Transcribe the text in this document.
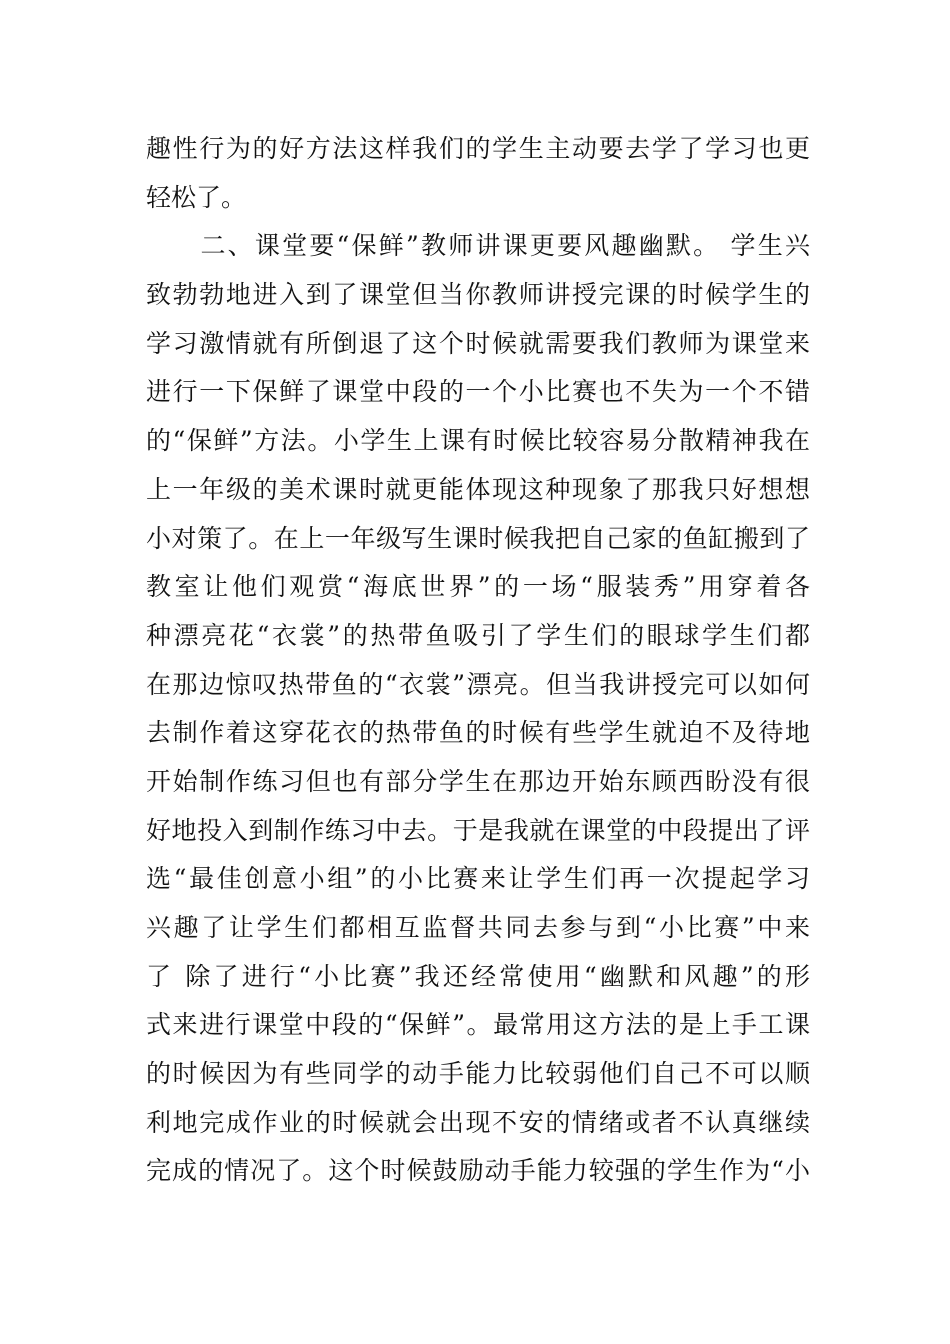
趣性行为的好方法这样我们的学生主动要去学了学习也更
轻松了。
　　二、课堂要“保鲜”教师讲课更要风趣幽默。 学生兴
致勃勃地进入到了课堂但当你教师讲授完课的时候学生的
学习激情就有所倒退了这个时候就需要我们教师为课堂来
进行一下保鲜了课堂中段的一个小比赛也不失为一个不错
的“保鲜”方法。小学生上课有时候比较容易分散精神我在
上一年级的美术课时就更能体现这种现象了那我只好想想
小对策了。在上一年级写生课时候我把自己家的鱼缸搬到了
教室让他们观赏“海底世界”的一场“服装秀”用穿着各
种漂亮花“衣裳”的热带鱼吸引了学生们的眼球学生们都
在那边惊叹热带鱼的“衣裳”漂亮。但当我讲授完可以如何
去制作着这穿花衣的热带鱼的时候有些学生就迫不及待地
开始制作练习但也有部分学生在那边开始东顾西盼没有很
好地投入到制作练习中去。于是我就在课堂的中段提出了评
选“最佳创意小组”的小比赛来让学生们再一次提起学习
兴趣了让学生们都相互监督共同去参与到“小比赛”中来
了 除了进行“小比赛”我还经常使用“幽默和风趣”的形
式来进行课堂中段的“保鲜”。最常用这方法的是上手工课
的时候因为有些同学的动手能力比较弱他们自己不可以顺
利地完成作业的时候就会出现不安的情绪或者不认真继续
完成的情况了。这个时候鼓励动手能力较强的学生作为“小
